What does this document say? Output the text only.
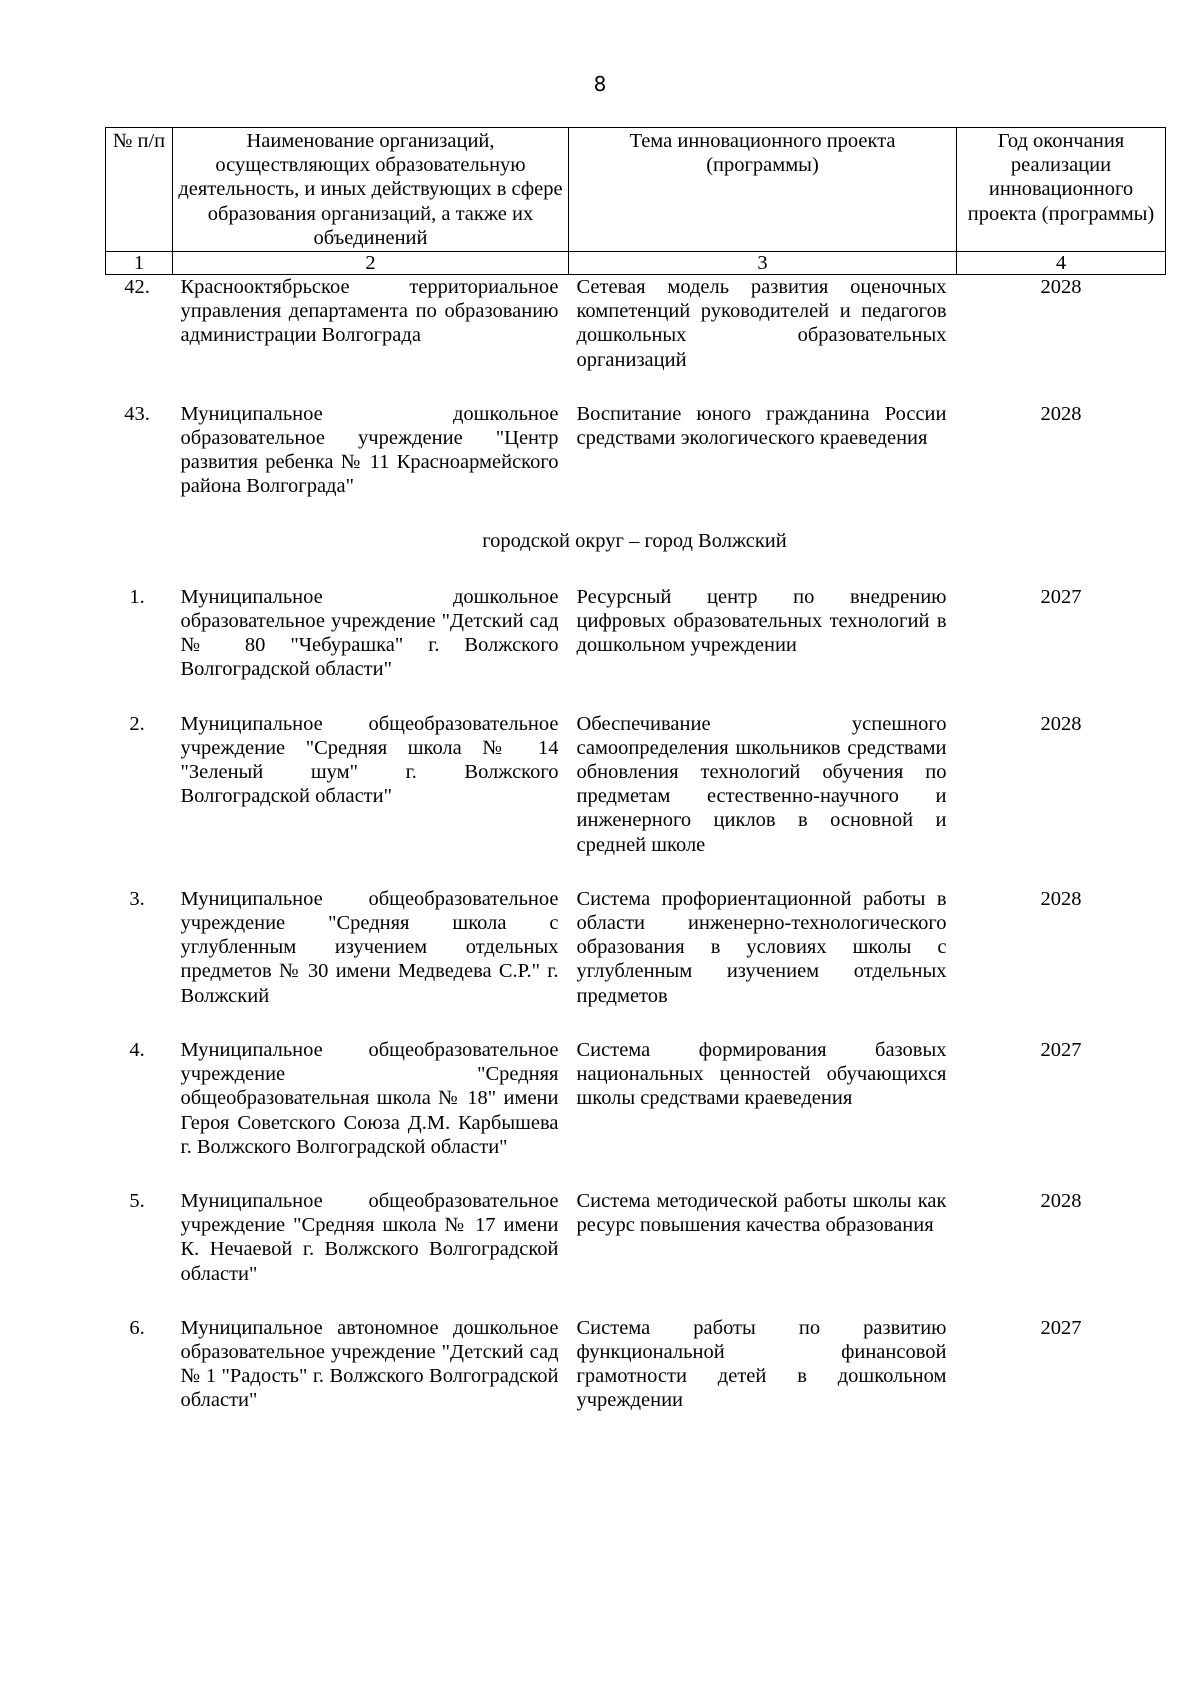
8
№ п/п	Наименование организаций, осуществляющих образовательную деятельность, и иных действующих в сфере образования организаций, а также их объединений	Тема инновационного проекта (программы)	Год окончания реализации инновационного проекта (программы)
1	2	3	4
42.	Краснооктябрьское территориальное управления департамента по образованию администрации Волгограда	Сетевая модель развития оценочных компетенций руководителей и педагогов дошкольных образовательных организаций	2028
43.	Муниципальное дошкольное образовательное учреждение "Центр развития ребенка № 11 Красноармейского района Волгограда"	Воспитание юного гражданина России средствами экологического краеведения	2028
городской округ – город Волжский			
1.	Муниципальное дошкольное образовательное учреждение "Детский сад № 80 "Чебурашка" г. Волжского Волгоградской области"	Ресурсный центр по внедрению цифровых образовательных технологий в дошкольном учреждении	2027
2.	Муниципальное общеобразовательное учреждение "Средняя школа № 14 "Зеленый шум" г. Волжского Волгоградской области"	Обеспечивание успешного самоопределения школьников средствами обновления технологий обучения по предметам естественно-научного и инженерного циклов в основной и средней школе	2028
3.	Муниципальное общеобразовательное учреждение "Средняя школа с углубленным изучением отдельных предметов № 30 имени Медведева С.Р." г. Волжский	Система профориентационной работы в области инженерно-технологического образования в условиях школы с углубленным изучением отдельных предметов	2028
4.	Муниципальное общеобразовательное учреждение "Средняя общеобразовательная школа № 18" имени Героя Советского Союза Д.М. Карбышева г. Волжского Волгоградской области"	Система формирования базовых национальных ценностей обучающихся школы средствами краеведения	2027
5.	Муниципальное общеобразовательное учреждение "Средняя школа № 17 имени К. Нечаевой г. Волжского Волгоградской области"	Система методической работы школы как ресурс повышения качества образования	2028
6.	Муниципальное автономное дошкольное образовательное учреждение "Детский сад № 1 "Радость" г. Волжского Волгоградской области"	Система работы по развитию функциональной финансовой грамотности детей в дошкольном учреждении	2027
